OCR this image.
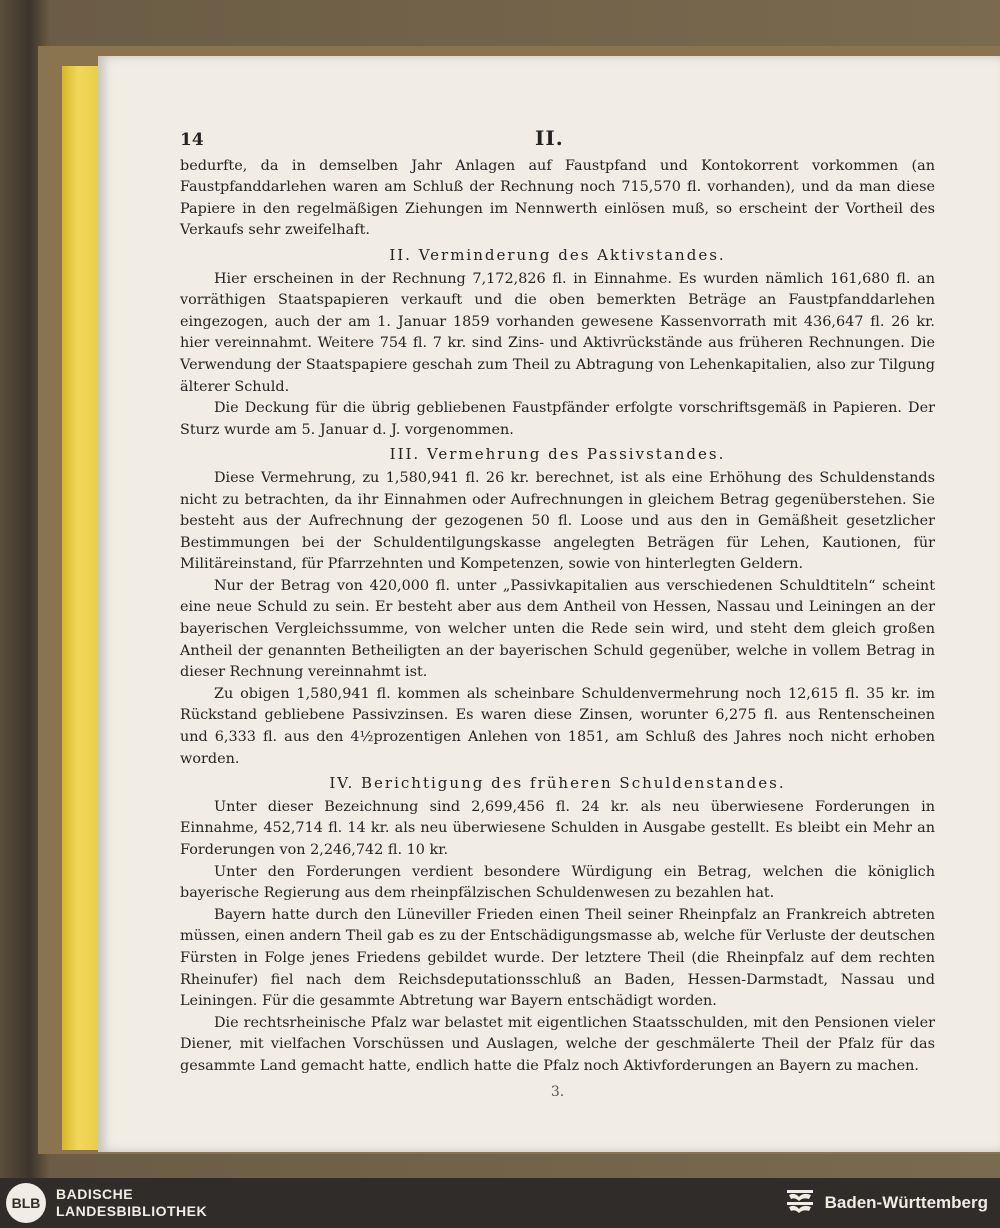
14	II.

bedurfte, da in demselben Jahr Anlagen auf Faustpfand und Kontokorrent vorkommen (an Faustpfanddarlehen waren am Schluß der Rechnung noch 715,570 fl. vorhanden), und da man diese Papiere in den regelmäßigen Ziehungen im Nennwerth einlösen muß, so erscheint der Vortheil des Verkaufs sehr zweifelhaft.

II. Verminderung des Aktivstandes.

Hier erscheinen in der Rechnung 7,172,826 fl. in Einnahme. Es wurden nämlich 161,680 fl. an vorräthigen Staatspapieren verkauft und die oben bemerkten Beträge an Faustpfanddarlehen eingezogen, auch der am 1. Januar 1859 vorhanden gewesene Kassenvorrath mit 436,647 fl. 26 kr. hier vereinnahmt. Weitere 754 fl. 7 kr. sind Zins- und Aktivrückstände aus früheren Rechnungen. Die Verwendung der Staatspapiere geschah zum Theil zu Abtragung von Lehenkapitalien, also zur Tilgung älterer Schuld.

Die Deckung für die übrig gebliebenen Faustpfänder erfolgte vorschriftsgemäß in Papieren. Der Sturz wurde am 5. Januar d. J. vorgenommen.

III. Vermehrung des Passivstandes.

Diese Vermehrung, zu 1,580,941 fl. 26 kr. berechnet, ist als eine Erhöhung des Schuldenstands nicht zu betrachten, da ihr Einnahmen oder Aufrechnungen in gleichem Betrag gegenüberstehen. Sie besteht aus der Aufrechnung der gezogenen 50 fl. Loose und aus den in Gemäßheit gesetzlicher Bestimmungen bei der Schuldentilgungskasse angelegten Beträgen für Lehen, Kautionen, für Militäreinstand, für Pfarrzehnten und Kompetenzen, sowie von hinterlegten Geldern.

Nur der Betrag von 420,000 fl. unter „Passivkapitalien aus verschiedenen Schuldtiteln“ scheint eine neue Schuld zu sein. Er besteht aber aus dem Antheil von Hessen, Nassau und Leiningen an der bayerischen Vergleichssumme, von welcher unten die Rede sein wird, und steht dem gleich großen Antheil der genannten Betheiligten an der bayerischen Schuld gegenüber, welche in vollem Betrag in dieser Rechnung vereinnahmt ist.

Zu obigen 1,580,941 fl. kommen als scheinbare Schuldenvermehrung noch 12,615 fl. 35 kr. im Rückstand gebliebene Passivzinsen. Es waren diese Zinsen, worunter 6,275 fl. aus Rentenscheinen und 6,333 fl. aus den 4½prozentigen Anlehen von 1851, am Schluß des Jahres noch nicht erhoben worden.

IV. Berichtigung des früheren Schuldenstandes.

Unter dieser Bezeichnung sind 2,699,456 fl. 24 kr. als neu überwiesene Forderungen in Einnahme, 452,714 fl. 14 kr. als neu überwiesene Schulden in Ausgabe gestellt. Es bleibt ein Mehr an Forderungen von 2,246,742 fl. 10 kr.

Unter den Forderungen verdient besondere Würdigung ein Betrag, welchen die königlich bayerische Regierung aus dem rheinpfälzischen Schuldenwesen zu bezahlen hat.

Bayern hatte durch den Lüneviller Frieden einen Theil seiner Rheinpfalz an Frankreich abtreten müssen, einen andern Theil gab es zu der Entschädigungsmasse ab, welche für Verluste der deutschen Fürsten in Folge jenes Friedens gebildet wurde. Der letztere Theil (die Rheinpfalz auf dem rechten Rheinufer) fiel nach dem Reichsdeputationsschluß an Baden, Hessen-Darmstadt, Nassau und Leiningen. Für die gesammte Abtretung war Bayern entschädigt worden.

Die rechtsrheinische Pfalz war belastet mit eigentlichen Staatsschulden, mit den Pensionen vieler Diener, mit vielfachen Vorschüssen und Auslagen, welche der geschmälerte Theil der Pfalz für das gesammte Land gemacht hatte, endlich hatte die Pfalz noch Aktivforderungen an Bayern zu machen.

3.
BLB
BADISCHE
LANDESBIBLIOTHEK	Baden-Württemberg
